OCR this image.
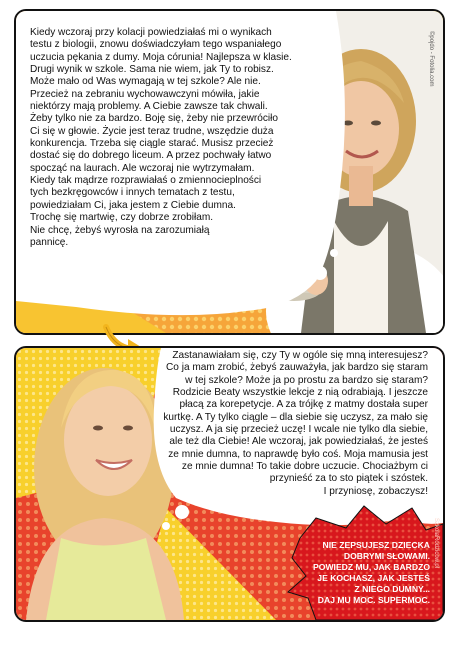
Kiedy wczoraj przy kolacji powiedziałaś mi o wynikach
testu z biologii, znowu doświadczyłam tego wspaniałego
uczucia pękania z dumy. Moja córunia! Najlepsza w klasie.
Drugi wynik w szkole. Sama nie wiem, jak Ty to robisz.
Może mało od Was wymagają w tej szkole? Ale nie.
Przecież na zebraniu wychowawczyni mówiła, jakie
niektórzy mają problemy. A Ciebie zawsze tak chwali.
Żeby tylko nie za bardzo. Boję się, żeby nie przewróciło
Ci się w głowie. Życie jest teraz trudne, wszędzie duża
konkurencja. Trzeba się ciągle starać. Musisz przecież
dostać się do dobrego liceum. A przez pochwały łatwo
spocząć na laurach. Ale wczoraj nie wytrzymałam.
Kiedy tak mądrze rozprawiałaś o zmiennocieplności
tych bezkręgowców i innych tematach z testu,
powiedziałam Ci, jaka jestem z Ciebie dumna.
Trochę się martwię, czy dobrze zrobiłam.
Nie chcę, żebyś wyrosła na zarozumiałą
pannicę.
©pojdo - Fotolia.com
Zastanawiałam się, czy Ty w ogóle się mną interesujesz?
Co ja mam zrobić, żebyś zauważyła, jak bardzo się staram
w tej szkole? Może ja po prostu za bardzo się staram?
Rodzicie Beaty wszystkie lekcje z nią odrabiają. I jeszcze
płacą za korepetycje. A za trójkę z matmy dostała super
kurtkę. A Ty tylko ciągle – dla siebie się uczysz, za mało się
uczysz. A ja się przecież uczę! I wcale nie tylko dla siebie,
ale też dla Ciebie! Ale wczoraj, jak powiedziałaś, że jesteś
ze mnie dumna, to naprawdę było coś. Moja mamusia jest
ze mnie dumna! To takie dobre uczucie. Chociażbym ci
przynieść za to sto piątek i szóstek.
I przyniosę, zobaczysz!
NIE ZEPSUJESZ DZIECKA
DOBRYMI SŁOWAMI.
POWIEDZ MU, JAK BARDZO
JE KOCHASZ, JAK JESTEŚ
Z NIEGO DUMNY...
DAJ MU MOC. SUPERMOC.
SzkolaRodzicow.pl
